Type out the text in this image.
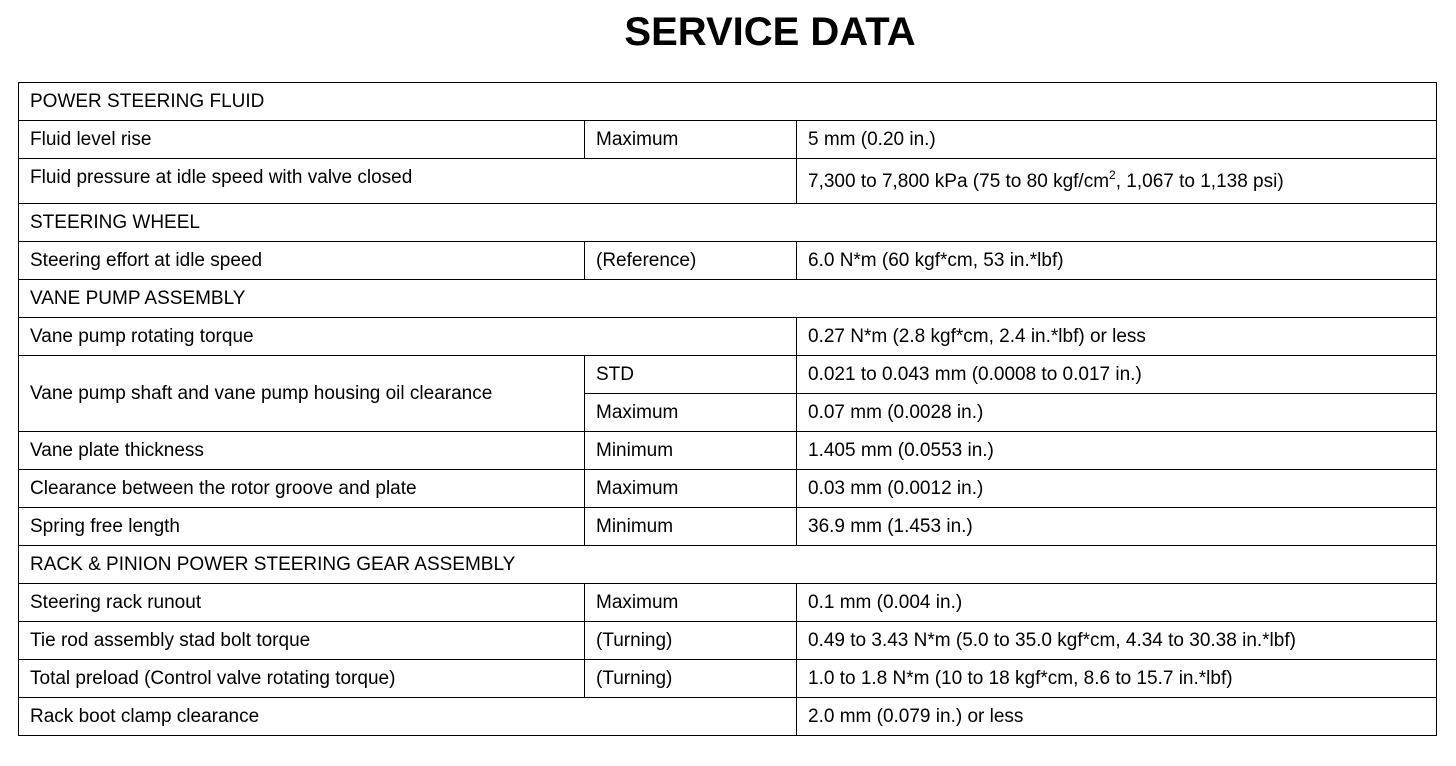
SERVICE DATA
POWER STEERING FLUID		
Fluid level rise	Maximum	5 mm (0.20 in.)
Fluid pressure at idle speed with valve closed		7,300 to 7,800 kPa (75 to 80 kgf/$cm^2$, 1,067 to 1,138 psi)
STEERING WHEEL		
Steering effort at idle speed	(Reference)	6.0 N*m (60 kgf*cm, 53 in.*lbf)
VANE PUMP ASSEMBLY		
Vane pump rotating torque		0.27 N*m (2.8 kgf*cm, 2.4 in.*lbf) or less
Vane pump shaft and vane pump housing oil clearance	STD	0.021 to 0.043 mm (0.0008 to 0.017 in.)
	Maximum	0.07 mm (0.0028 in.)
Vane plate thickness	Minimum	1.405 mm (0.0553 in.)
Clearance between the rotor groove and plate	Maximum	0.03 mm (0.0012 in.)
Spring free length	Minimum	36.9 mm (1.453 in.)
RACK & PINION POWER STEERING GEAR ASSEMBLY		
Steering rack runout	Maximum	0.1 mm (0.004 in.)
Tie rod assembly stad bolt torque	(Turning)	0.49 to 3.43 N*m (5.0 to 35.0 kgf*cm, 4.34 to 30.38 in.*lbf)
Total preload (Control valve rotating torque)	(Turning)	1.0 to 1.8 N*m (10 to 18 kgf*cm, 8.6 to 15.7 in.*lbf)
Rack boot clamp clearance		2.0 mm (0.079 in.) or less
